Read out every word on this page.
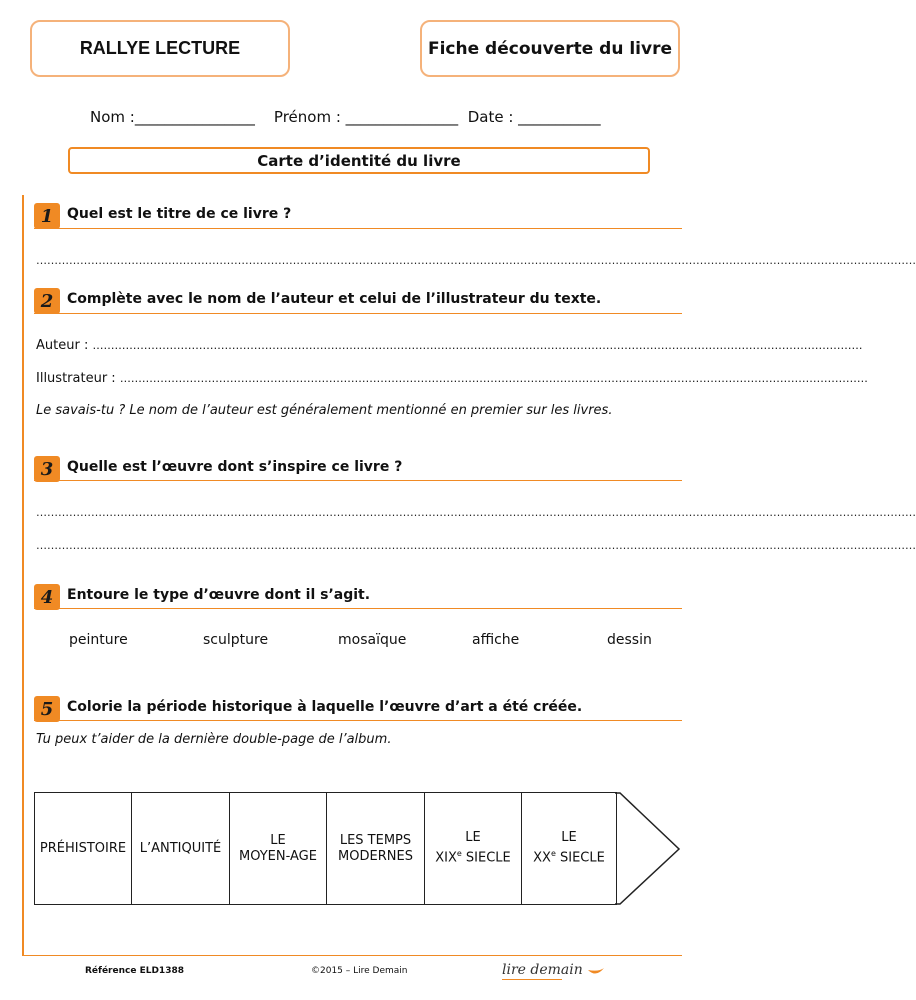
RALLYE LECTURE	Fiche découverte du livre
Nom :________________ Prénom : _______________ Date : ___________
Carte d’identité du livre
1 Quel est le titre de ce livre ?
……………………………………………………………………………………………………………………………………………………………………………………………………………………
2 Complète avec le nom de l’auteur et celui de l’illustrateur du texte.
Auteur : …………………………………………………………………………………………………………………………………………………………………………………………
Illustrateur : ……………………………………………………………………………………………………………………………………………………………………………………
Le savais-tu ? Le nom de l’auteur est généralement mentionné en premier sur les livres.
3 Quelle est l’œuvre dont s’inspire ce livre ?
……………………………………………………………………………………………………………………………………………………………………………………………………………………
……………………………………………………………………………………………………………………………………………………………………………………………………………………
4 Entoure le type d’œuvre dont il s’agit.
peinture	sculpture	mosaïque	affiche	dessin
5 Colorie la période historique à laquelle l’œuvre d’art a été créée.
Tu peux t’aider de la dernière double-page de l’album.
PRÉHISTOIRE L’ANTIQUITÉ
LE
MOYEN-AGE
LES TEMPS
MODERNES
LE
XIXe SIECLE
LE
XXe SIECLE
Référence ELD1388	©2015 – Lire Demain	lire demain
